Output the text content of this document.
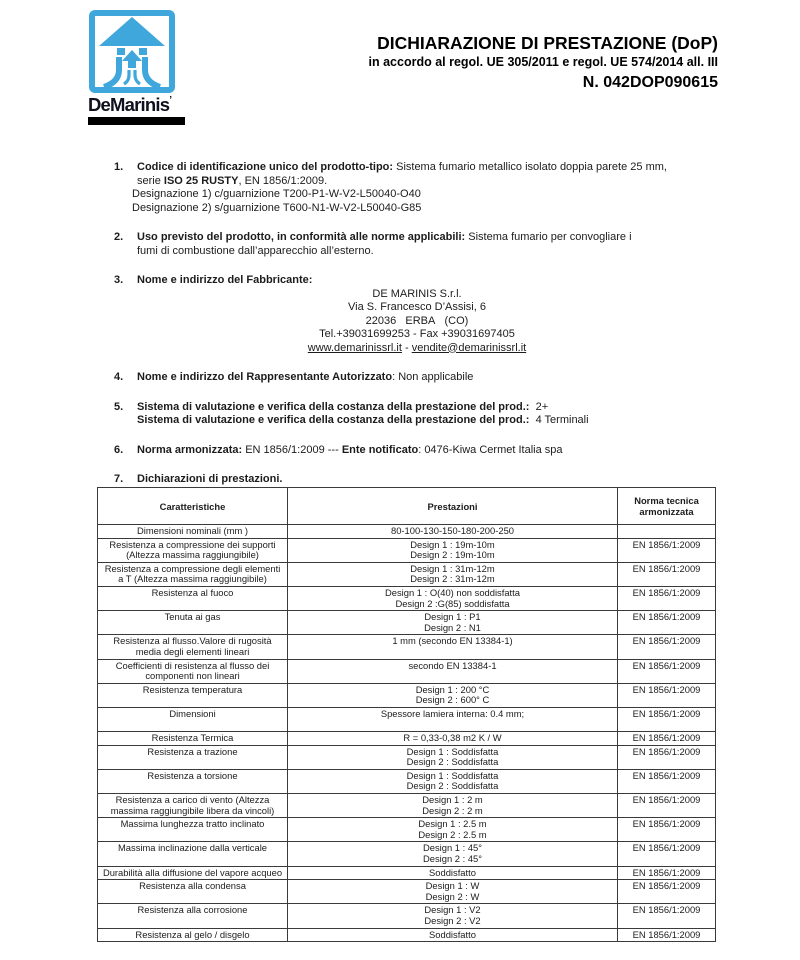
DeMarinis’
DICHIARAZIONE DI PRESTAZIONE (DoP)
in accordo al regol. UE 305/2011 e regol. UE 574/2014 all. III
N. 042DOP090615
1.	Codice di identificazione unico del prodotto-tipo: Sistema fumario metallico isolato doppia parete 25 mm,
serie ISO 25 RUSTY, EN 1856/1:2009.
Designazione 1) c/guarnizione T200-P1-W-V2-L50040-O40
Designazione 2) s/guarnizione T600-N1-W-V2-L50040-G85
2.	Uso previsto del prodotto, in conformità alle norme applicabili: Sistema fumario per convogliare i
fumi di combustione dall’apparecchio all’esterno.
3.	Nome e indirizzo del Fabbricante:
DE MARINIS S.r.l.
Via S. Francesco D’Assisi, 6
22036   ERBA   (CO)
Tel.+39031699253 - Fax +39031697405
www.demarinissrl.it - vendite@demarinissrl.it
4.	Nome e indirizzo del Rappresentante Autorizzato: Non applicabile
5.	Sistema di valutazione e verifica della costanza della prestazione del prod.:  2+
Sistema di valutazione e verifica della costanza della prestazione del prod.:  4 Terminali
6.	Norma armonizzata: EN 1856/1:2009 --- Ente notificato: 0476-Kiwa Cermet Italia spa
7.	Dichiarazioni di prestazioni.
Caratteristiche	Prestazioni	Norma tecnica armonizzata
Dimensioni nominali (mm )	80-100-130-150-180-200-250	

Resistenza a compressione dei supporti (Altezza massima raggiungibile)	Design 1 : 19m-10m
Design 2 : 19m-10m	EN 1856/1:2009
Resistenza a compressione degli elementi a T (Altezza massima raggiungibile)	Design 1 : 31m-12m
Design 2 : 31m-12m	EN 1856/1:2009
Resistenza al fuoco	Design 1 : O(40) non soddisfatta
Design 2 :G(85) soddisfatta	EN 1856/1:2009
Tenuta ai gas	Design 1 : P1
Design 2 : N1	EN 1856/1:2009
Resistenza al flusso.Valore di rugosità media degli elementi lineari	1 mm (secondo EN 13384-1)	EN 1856/1:2009
Coefficienti di resistenza al flusso dei componenti non lineari	secondo EN 13384-1	EN 1856/1:2009
Resistenza temperatura	Design 1 : 200 °C
Design 2 : 600° C	EN 1856/1:2009
Dimensioni	Spessore lamiera interna: 0.4 mm;	EN 1856/1:2009
Resistenza Termica	R = 0,33-0,38 m2 K / W	EN 1856/1:2009
Resistenza a trazione	Design 1 : Soddisfatta
Design 2 : Soddisfatta	EN 1856/1:2009
Resistenza a torsione	Design 1 : Soddisfatta
Design 2 : Soddisfatta	EN 1856/1:2009
Resistenza a carico di vento (Altezza massima raggiungibile libera da vincoli)	Design 1 : 2 m
Design 2 : 2 m	EN 1856/1:2009
Massima lunghezza tratto inclinato	Design 1 : 2.5 m
Design 2 : 2.5 m	EN 1856/1:2009
Massima inclinazione dalla verticale	Design 1 : 45°
Design 2 : 45°	EN 1856/1:2009
Durabilità alla diffusione del vapore acqueo	Soddisfatto	EN 1856/1:2009
Resistenza alla condensa	Design 1 : W
Design 2 : W	EN 1856/1:2009
Resistenza alla corrosione	Design 1 : V2
Design 2 : V2	EN 1856/1:2009
Resistenza al gelo / disgelo	Soddisfatto	EN 1856/1:2009
